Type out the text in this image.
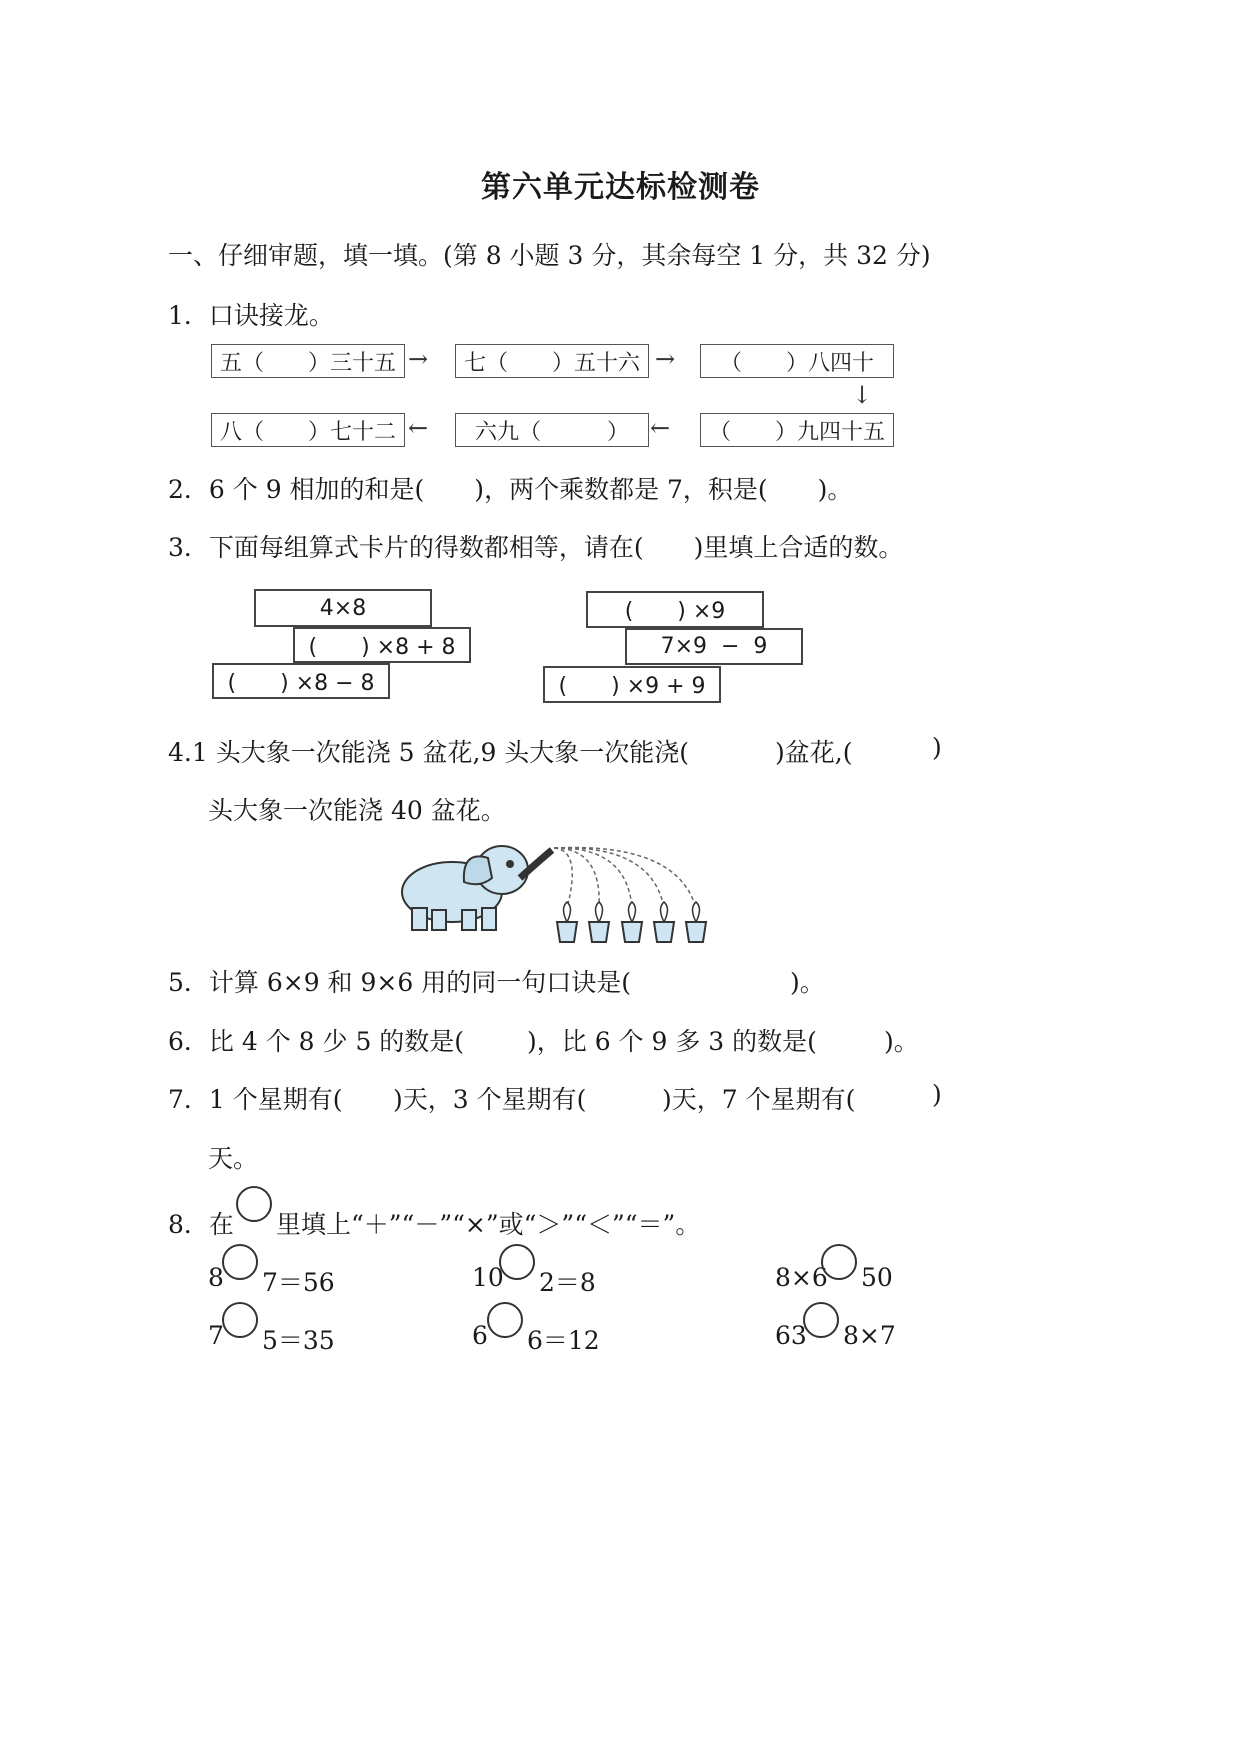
第六单元达标检测卷
一、仔细审题，填一填。(第 8 小题 3 分，其余每空 1 分，共 32 分)
1．口诀接龙。
五（　　）三十五 →	七（　　）五十六 →	（　　）八四十
↓
（　　）九四十五
←
六九（　　　）
←
八（　　）七十二
2．6 个 9 相加的和是(　　)，两个乘数都是 7，积是(　　)。
3．下面每组算式卡片的得数都相等，请在(　　)里填上合适的数。
4×8
(　　) ×8 + 8
(　　) ×8 − 8
(　　) ×9
7×9  −  9
(　　) ×9 + 9
4.1 头大象一次能浇 5 盆花,9 头大象一次能浇(	)盆花,(	)
头大象一次能浇 40 盆花。
5．计算 6×9 和 9×6 用的同一句口诀是(	)。
6．比 4 个 8 少 5 的数是(	)，比 6 个 9 多 3 的数是(	)。
7．1 个星期有( )天，3 个星期有(	)天，7 个星期有(	)
天。
8．在 里填上“＋”“－”“×”或“＞”“＜”“＝”。
8 7＝56	10 2＝8	8×6 50
7 5＝35	6 6＝12	63 8×7
